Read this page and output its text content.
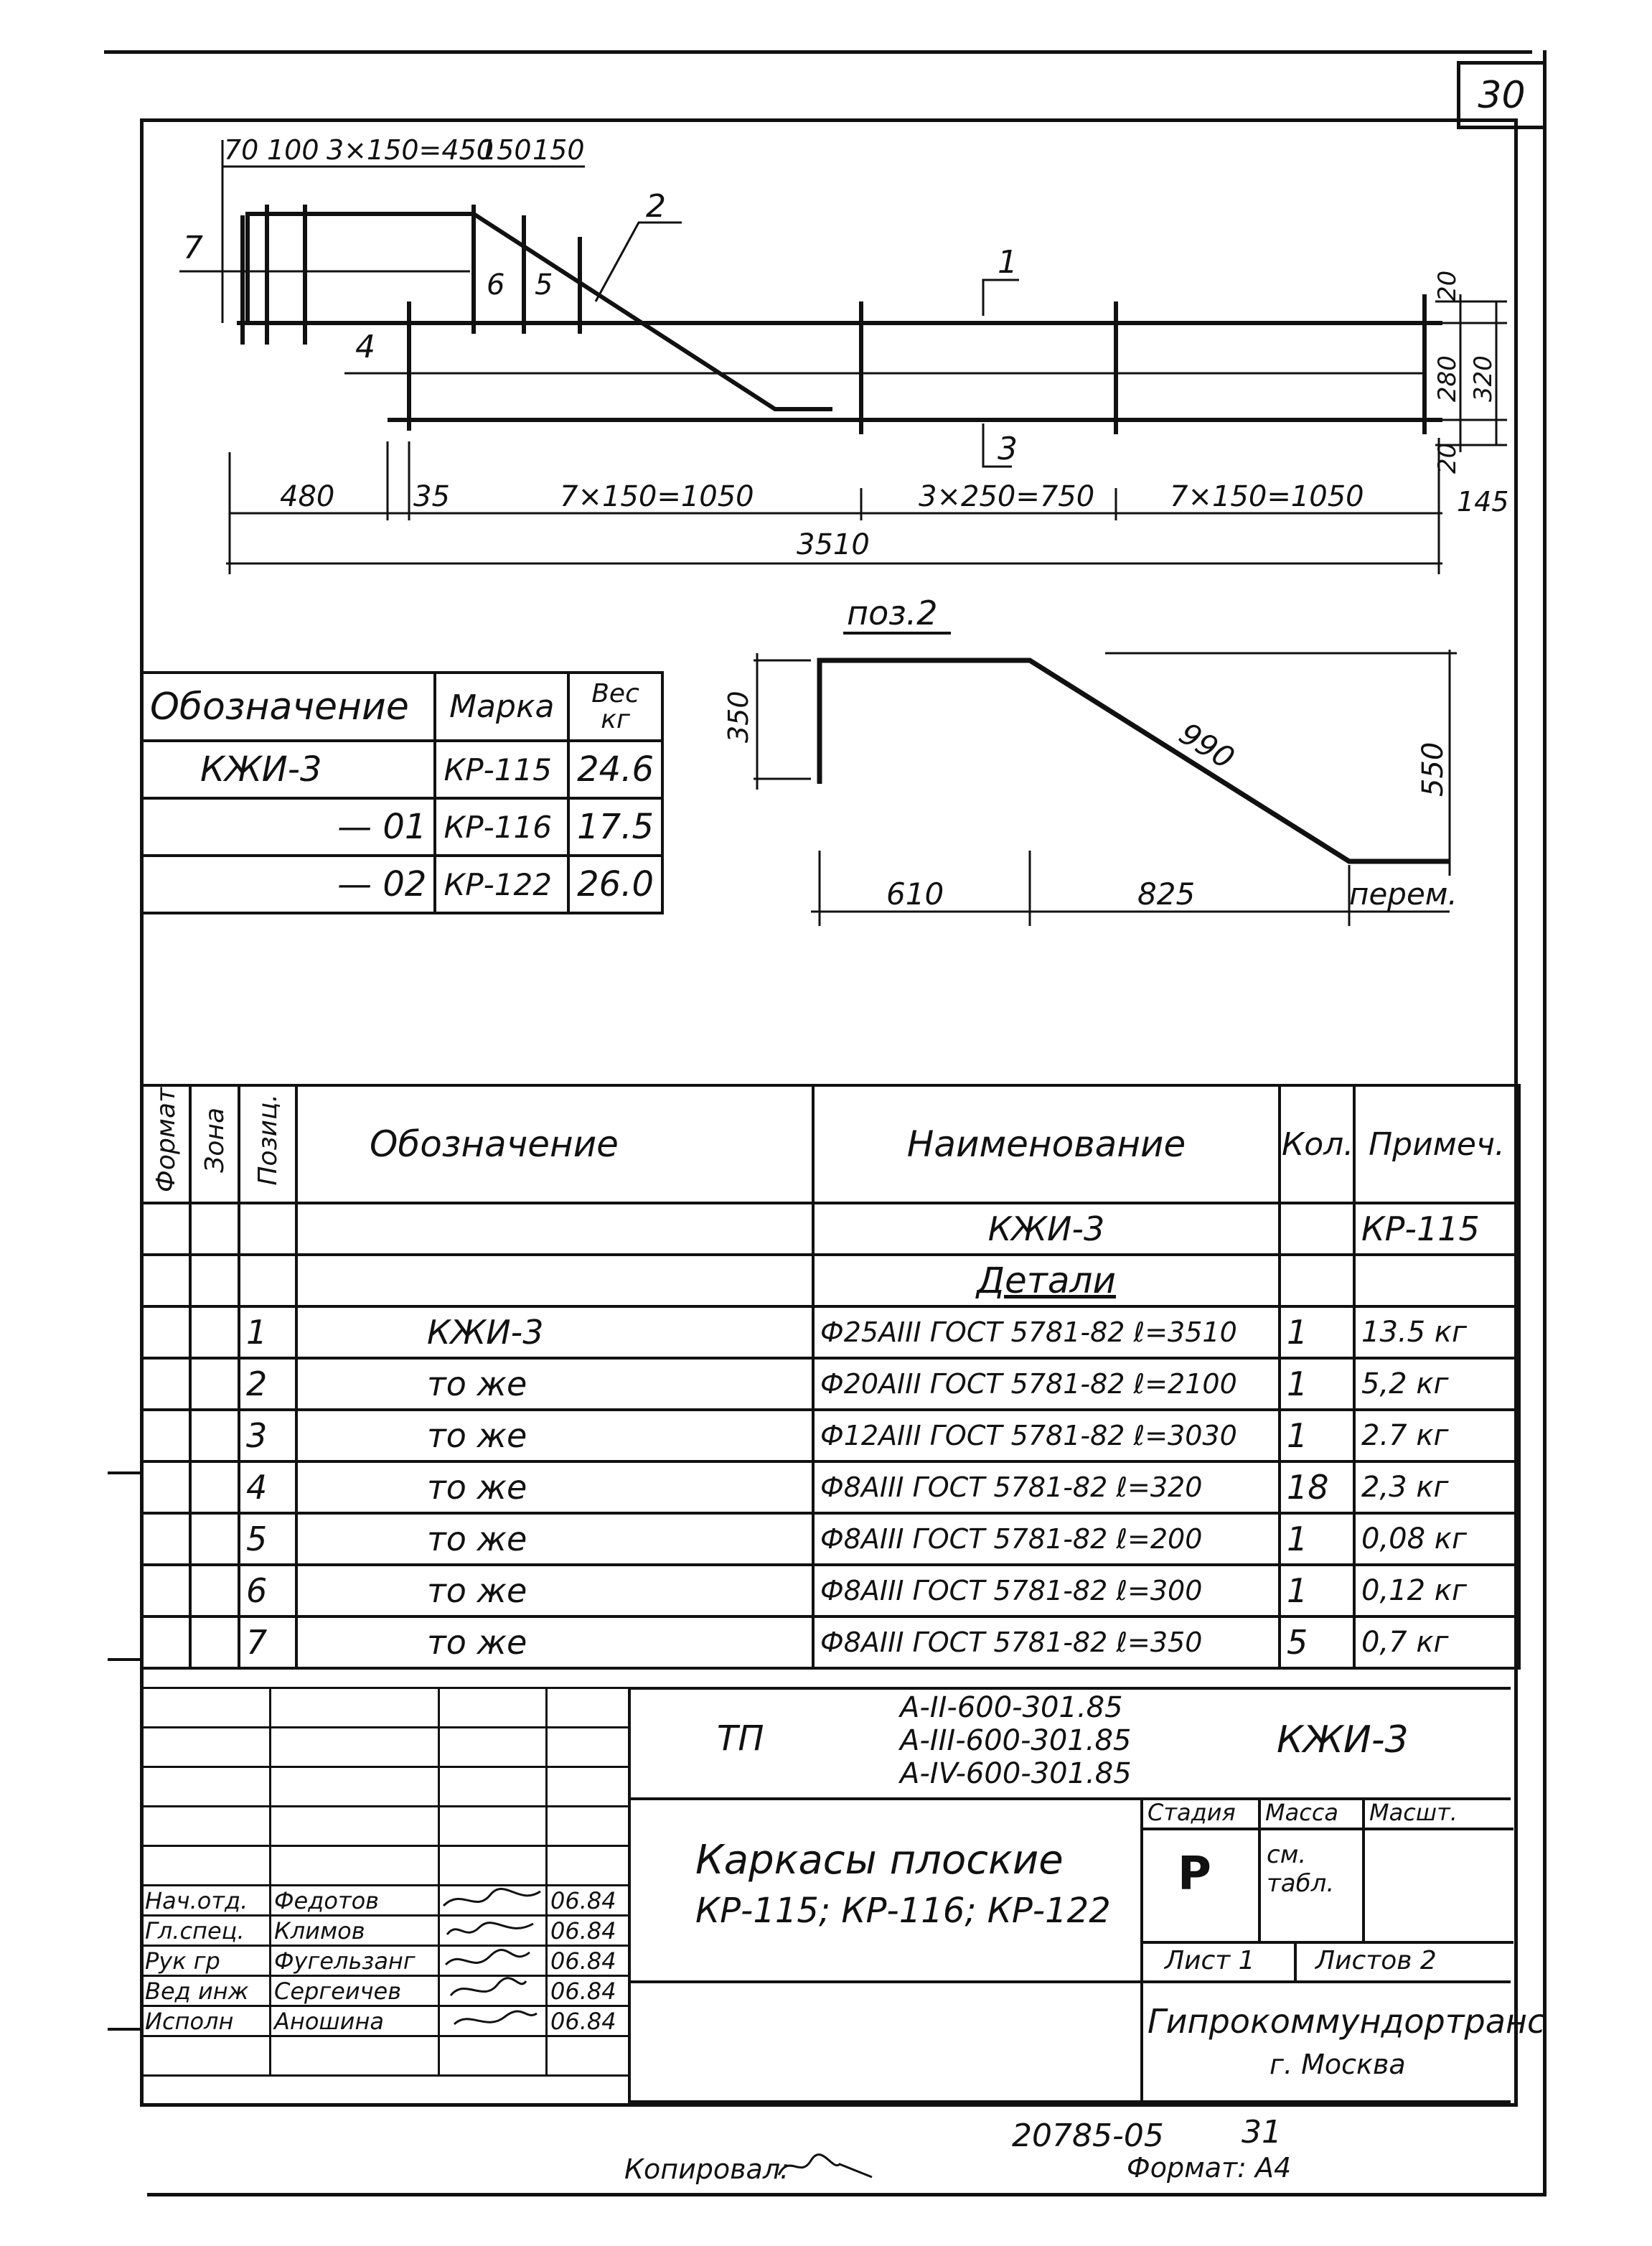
30
70 100 3×150=450
150 150
1
2
3
4
5
6
7
20
280 320
20
145
480	35	7×150=1050	3×250=750	7×150=1050
3510
поз.2
350	990	550
610	825	перем.
Обозначение	Марка	Вес кг
КЖИ-3	КР-115	24.6
— 01	КР-116	17.5
— 02	КР-122	26.0
Формат	Зона	Позиц.	Обозначение	Наименование	Кол.	Примеч.
				КЖИ-3		КР-115
				Детали		
		1	КЖИ-3	Ф25АIII ГОСТ 5781-82 ℓ=3510	1	13.5 кг
		2	то же	Ф20АIII ГОСТ 5781-82 ℓ=2100	1	5,2 кг
		3	то же	Ф12АIII ГОСТ 5781-82 ℓ=3030	1	2.7 кг
		4	то же	Ф8АIII ГОСТ 5781-82 ℓ=320	18	2,3 кг
		5	то же	Ф8АIII ГОСТ 5781-82 ℓ=200	1	0,08 кг
		6	то же	Ф8АIII ГОСТ 5781-82 ℓ=300	1	0,12 кг
		7	то же	Ф8АIII ГОСТ 5781-82 ℓ=350	5	0,7 кг

Нач.отд.	Федотов		06.84
Гл.спец.	Климов		06.84
Рук гр	Фугельзанг		06.84
Вед инж	Сергеичев		06.84
Исполн	Аношина		06.84

ТП
А-II-600-301.85
А-III-600-301.85
А-IV-600-301.85
КЖИ-3
Каркасы плоские
КР-115; КР-116; КР-122
Стадия Масса Масшт.
Р см. табл.
Лист 1 Листов 2
Гипрокоммундортранс
г. Москва
20785-05 31
Копировал:	Формат: А4
